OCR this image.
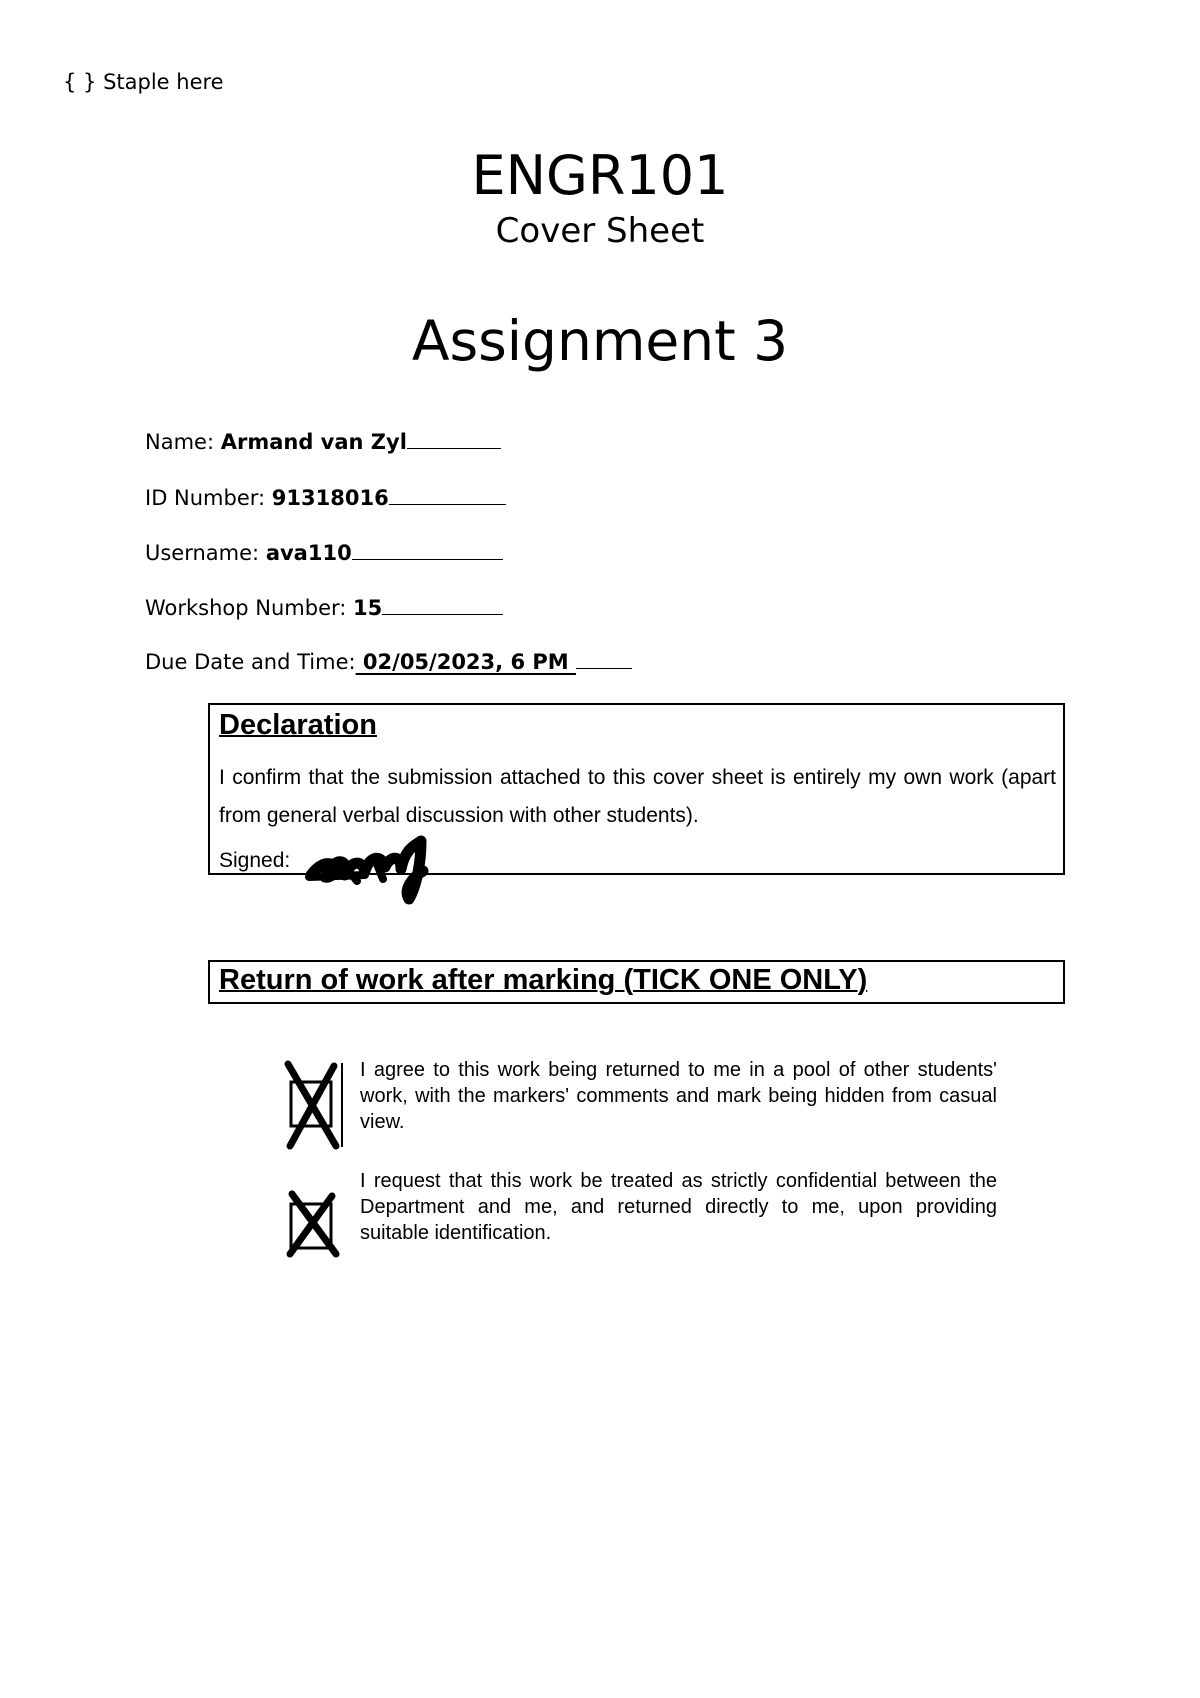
{ } Staple here
ENGR101
Cover Sheet
Assignment 3
Name: Armand van Zyl
ID Number: 91318016
Username: ava110
Workshop Number: 15
Due Date and Time: 02/05/2023, 6 PM
Declaration
I confirm that the submission attached to this cover sheet is entirely my own work (apart from general verbal discussion with other students).
Signed:
Return of work after marking (TICK ONE ONLY)
I agree to this work being returned to me in a pool of other students' work, with the markers' comments and mark being hidden from casual view.
I request that this work be treated as strictly confidential between the Department and me, and returned directly to me, upon providing suitable identification.
